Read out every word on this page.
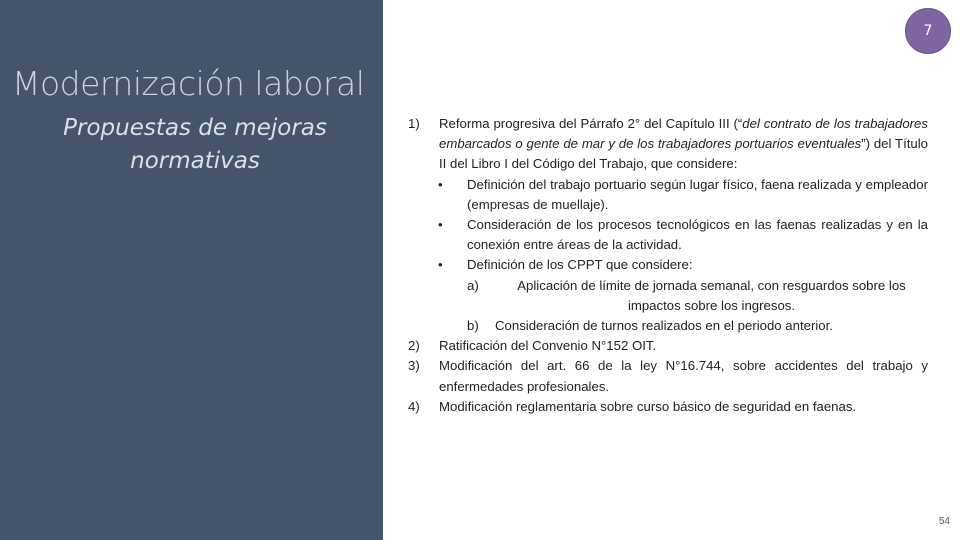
Modernización laboral
Propuestas de mejoras normativas
7
1)	Reforma progresiva del Párrafo 2° del Capítulo III (“del contrato de los trabajadores embarcados o gente de mar y de los trabajadores portuarios eventuales”) del Título II del Libro I del Código del Trabajo, que considere:
•	Definición del trabajo portuario según lugar físico, faena realizada y empleador (empresas de muellaje).
•	Consideración de los procesos tecnológicos en las faenas realizadas y en la conexión entre áreas de la actividad.
•	Definición de los CPPT que considere:
a)	Aplicación de límite de jornada semanal, con resguardos sobre los impactos sobre los ingresos.
b)	Consideración de turnos realizados en el periodo anterior.
2)	Ratificación del Convenio N°152 OIT.
3)	Modificación del art. 66 de la ley N°16.744, sobre accidentes del trabajo y enfermedades profesionales.
4)	Modificación reglamentaria sobre curso básico de seguridad en faenas.
54
